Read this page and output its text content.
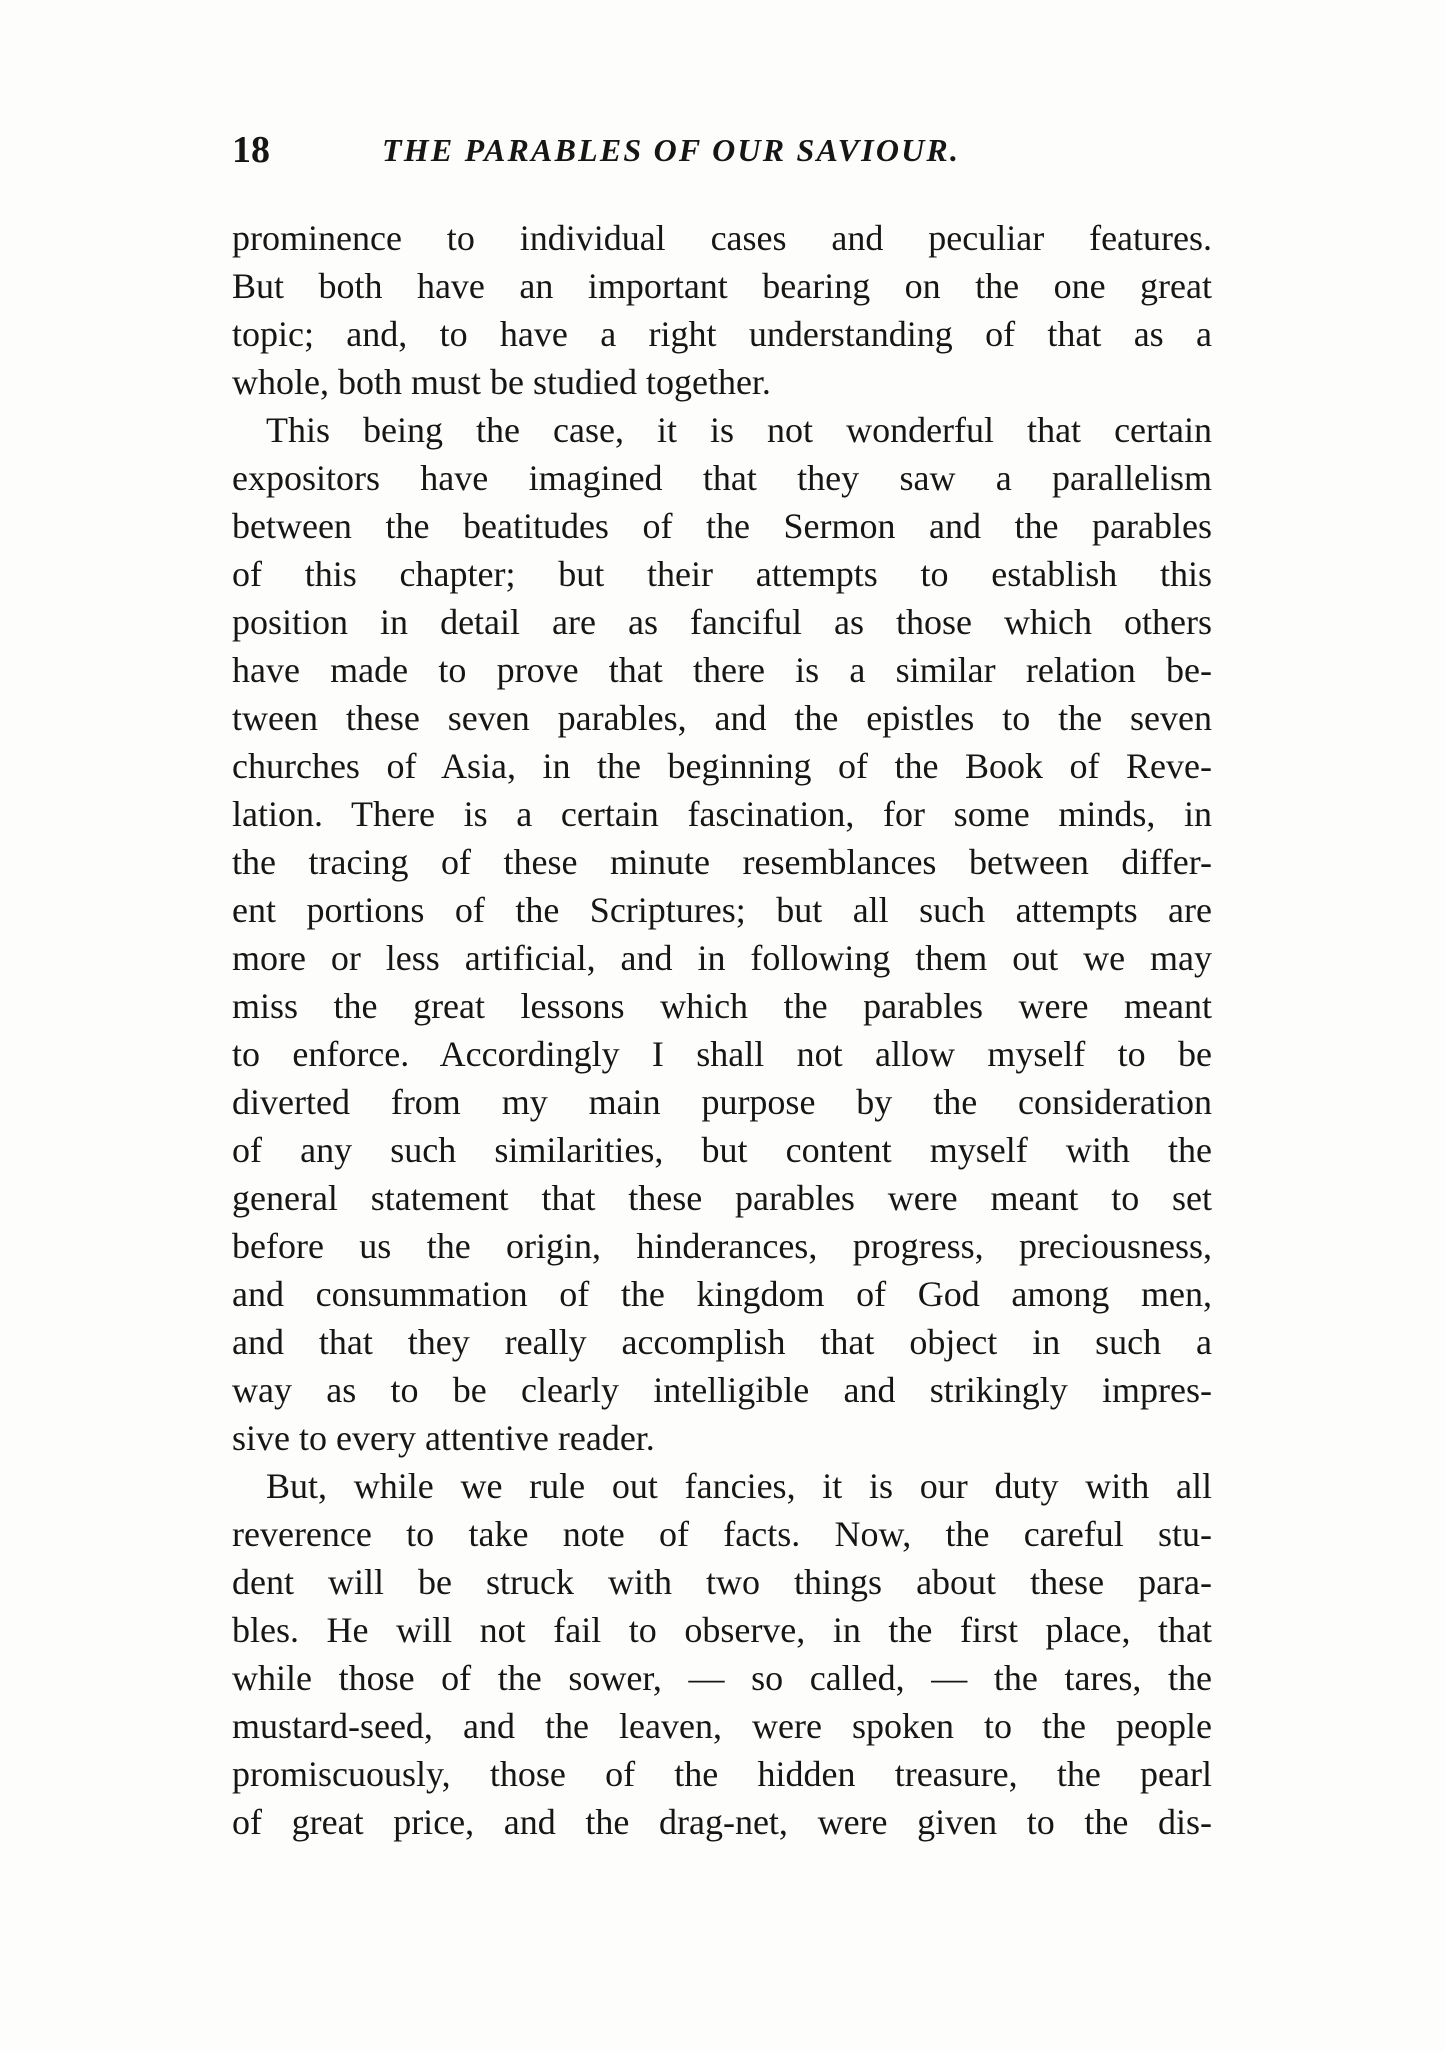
18	THE PARABLES OF OUR SAVIOUR.
prominence to individual cases and peculiar features.
But both have an important bearing on the one great
topic; and, to have a right understanding of that as a
whole, both must be studied together.
This being the case, it is not wonderful that certain
expositors have imagined that they saw a parallelism
between the beatitudes of the Sermon and the parables
of this chapter; but their attempts to establish this
position in detail are as fanciful as those which others
have made to prove that there is a similar relation be-
tween these seven parables, and the epistles to the seven
churches of Asia, in the beginning of the Book of Reve-
lation. There is a certain fascination, for some minds, in
the tracing of these minute resemblances between differ-
ent portions of the Scriptures; but all such attempts are
more or less artificial, and in following them out we may
miss the great lessons which the parables were meant
to enforce. Accordingly I shall not allow myself to be
diverted from my main purpose by the consideration
of any such similarities, but content myself with the
general statement that these parables were meant to set
before us the origin, hinderances, progress, preciousness,
and consummation of the kingdom of God among men,
and that they really accomplish that object in such a
way as to be clearly intelligible and strikingly impres-
sive to every attentive reader.
But, while we rule out fancies, it is our duty with all
reverence to take note of facts. Now, the careful stu-
dent will be struck with two things about these para-
bles. He will not fail to observe, in the first place, that
while those of the sower, — so called, — the tares, the
mustard-seed, and the leaven, were spoken to the people
promiscuously, those of the hidden treasure, the pearl
of great price, and the drag-net, were given to the dis-
